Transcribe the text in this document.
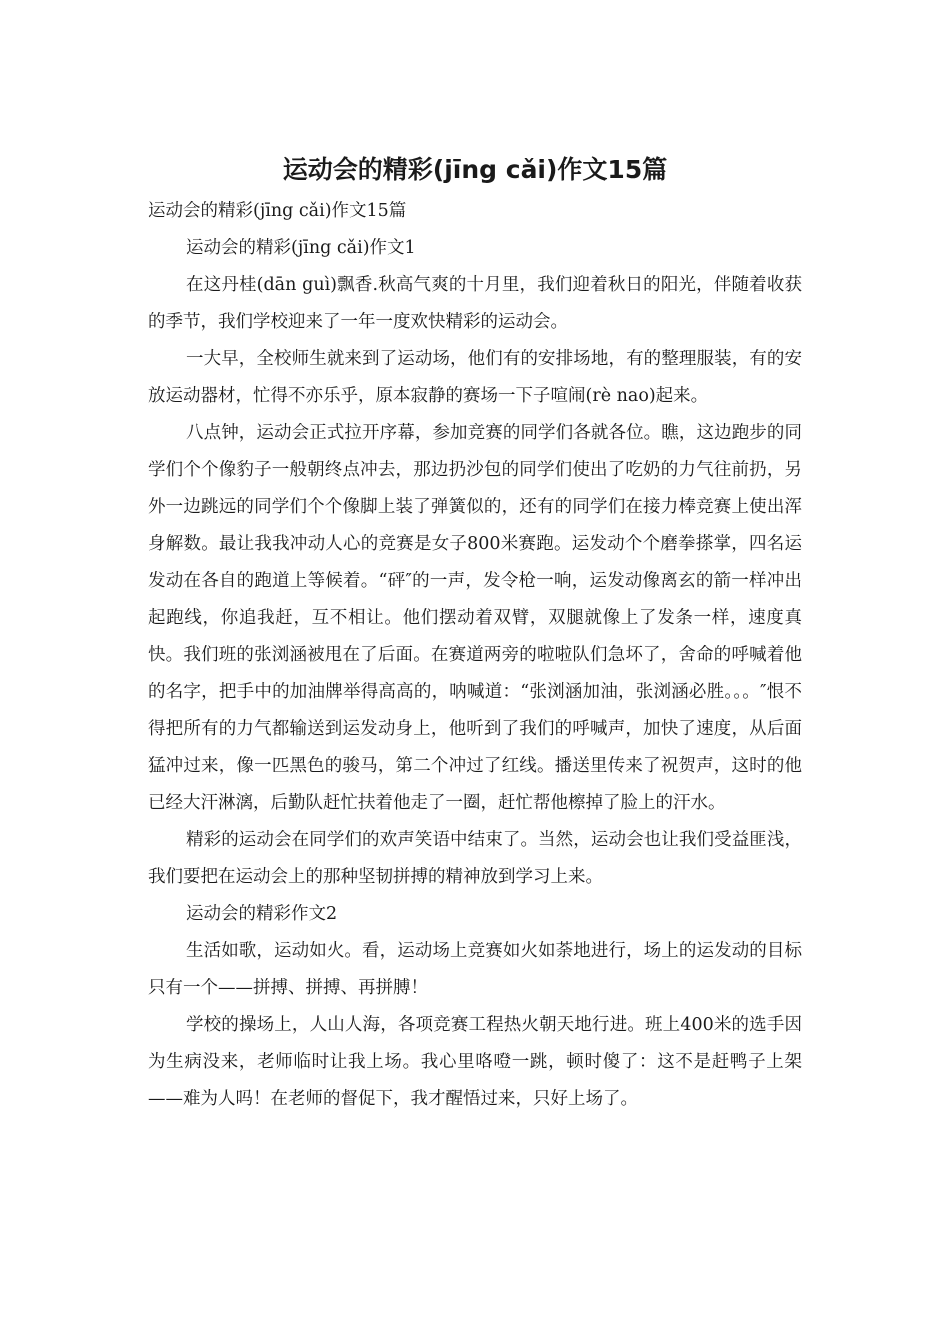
运动会的精彩(jīng cǎi)作文15篇

运动会的精彩(jīng cǎi)作文15篇

运动会的精彩(jīng cǎi)作文1

在这丹桂(dān guì)飘香.秋高气爽的十月里，我们迎着秋日的阳光，伴随着收获的季节，我们学校迎来了一年一度欢快精彩的运动会。

一大早，全校师生就来到了运动场，他们有的安排场地，有的整理服装，有的安放运动器材，忙得不亦乐乎，原本寂静的赛场一下子喧闹(rè nao)起来。

八点钟，运动会正式拉开序幕，参加竞赛的同学们各就各位。瞧，这边跑步的同学们个个像豹子一般朝终点冲去，那边扔沙包的同学们使出了吃奶的力气往前扔，另外一边跳远的同学们个个像脚上装了弹簧似的，还有的同学们在接力棒竞赛上使出浑身解数。最让我我冲动人心的竞赛是女子800米赛跑。运发动个个磨拳搽掌，四名运发动在各自的跑道上等候着。“砰″的一声，发令枪一响，运发动像离玄的箭一样冲出起跑线，你追我赶，互不相让。他们摆动着双臂，双腿就像上了发条一样，速度真快。我们班的张浏涵被甩在了后面。在赛道两旁的啦啦队们急坏了，舍命的呼喊着他的名字，把手中的加油牌举得高高的，呐喊道：“张浏涵加油，张浏涵必胜。。。″恨不得把所有的力气都输送到运发动身上，他听到了我们的呼喊声，加快了速度，从后面猛冲过来，像一匹黑色的骏马，第二个冲过了红线。播送里传来了祝贺声，这时的他已经大汗淋漓，后勤队赶忙扶着他走了一圈，赶忙帮他檫掉了脸上的汗水。

精彩的运动会在同学们的欢声笑语中结束了。当然，运动会也让我们受益匪浅，我们要把在运动会上的那种坚韧拼搏的精神放到学习上来。

运动会的精彩作文2

生活如歌，运动如火。看，运动场上竞赛如火如荼地进行，场上的运发动的目标只有一个——拼搏、拼搏、再拼膊！

学校的操场上，人山人海，各项竞赛工程热火朝天地行进。班上400米的选手因为生病没来，老师临时让我上场。我心里咯噔一跳，顿时傻了：这不是赶鸭子上架——难为人吗！在老师的督促下，我才醒悟过来，只好上场了。
